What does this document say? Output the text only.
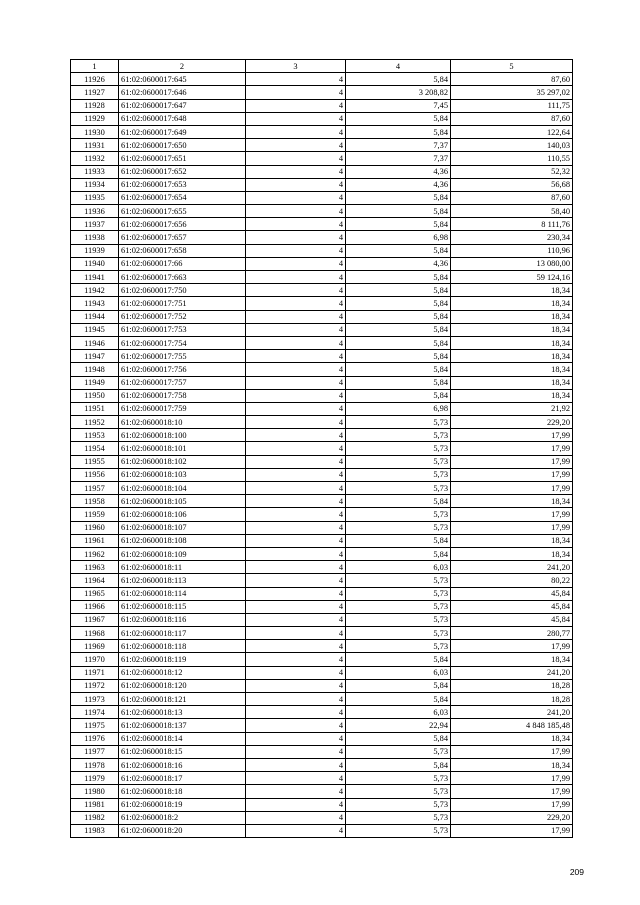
1	2	3	4	5
11926	61:02:0600017:645	4	5,84	87,60
11927	61:02:0600017:646	4	3 208,82	35 297,02
11928	61:02:0600017:647	4	7,45	111,75
11929	61:02:0600017:648	4	5,84	87,60
11930	61:02:0600017:649	4	5,84	122,64
11931	61:02:0600017:650	4	7,37	140,03
11932	61:02:0600017:651	4	7,37	110,55
11933	61:02:0600017:652	4	4,36	52,32
11934	61:02:0600017:653	4	4,36	56,68
11935	61:02:0600017:654	4	5,84	87,60
11936	61:02:0600017:655	4	5,84	58,40
11937	61:02:0600017:656	4	5,84	8 111,76
11938	61:02:0600017:657	4	6,98	230,34
11939	61:02:0600017:658	4	5,84	110,96
11940	61:02:0600017:66	4	4,36	13 080,00
11941	61:02:0600017:663	4	5,84	59 124,16
11942	61:02:0600017:750	4	5,84	18,34
11943	61:02:0600017:751	4	5,84	18,34
11944	61:02:0600017:752	4	5,84	18,34
11945	61:02:0600017:753	4	5,84	18,34
11946	61:02:0600017:754	4	5,84	18,34
11947	61:02:0600017:755	4	5,84	18,34
11948	61:02:0600017:756	4	5,84	18,34
11949	61:02:0600017:757	4	5,84	18,34
11950	61:02:0600017:758	4	5,84	18,34
11951	61:02:0600017:759	4	6,98	21,92
11952	61:02:0600018:10	4	5,73	229,20
11953	61:02:0600018:100	4	5,73	17,99
11954	61:02:0600018:101	4	5,73	17,99
11955	61:02:0600018:102	4	5,73	17,99
11956	61:02:0600018:103	4	5,73	17,99
11957	61:02:0600018:104	4	5,73	17,99
11958	61:02:0600018:105	4	5,84	18,34
11959	61:02:0600018:106	4	5,73	17,99
11960	61:02:0600018:107	4	5,73	17,99
11961	61:02:0600018:108	4	5,84	18,34
11962	61:02:0600018:109	4	5,84	18,34
11963	61:02:0600018:11	4	6,03	241,20
11964	61:02:0600018:113	4	5,73	80,22
11965	61:02:0600018:114	4	5,73	45,84
11966	61:02:0600018:115	4	5,73	45,84
11967	61:02:0600018:116	4	5,73	45,84
11968	61:02:0600018:117	4	5,73	280,77
11969	61:02:0600018:118	4	5,73	17,99
11970	61:02:0600018:119	4	5,84	18,34
11971	61:02:0600018:12	4	6,03	241,20
11972	61:02:0600018:120	4	5,84	18,28
11973	61:02:0600018:121	4	5,84	18,28
11974	61:02:0600018:13	4	6,03	241,20
11975	61:02:0600018:137	4	22,94	4 848 185,48
11976	61:02:0600018:14	4	5,84	18,34
11977	61:02:0600018:15	4	5,73	17,99
11978	61:02:0600018:16	4	5,84	18,34
11979	61:02:0600018:17	4	5,73	17,99
11980	61:02:0600018:18	4	5,73	17,99
11981	61:02:0600018:19	4	5,73	17,99
11982	61:02:0600018:2	4	5,73	229,20
11983	61:02:0600018:20	4	5,73	17,99
209
